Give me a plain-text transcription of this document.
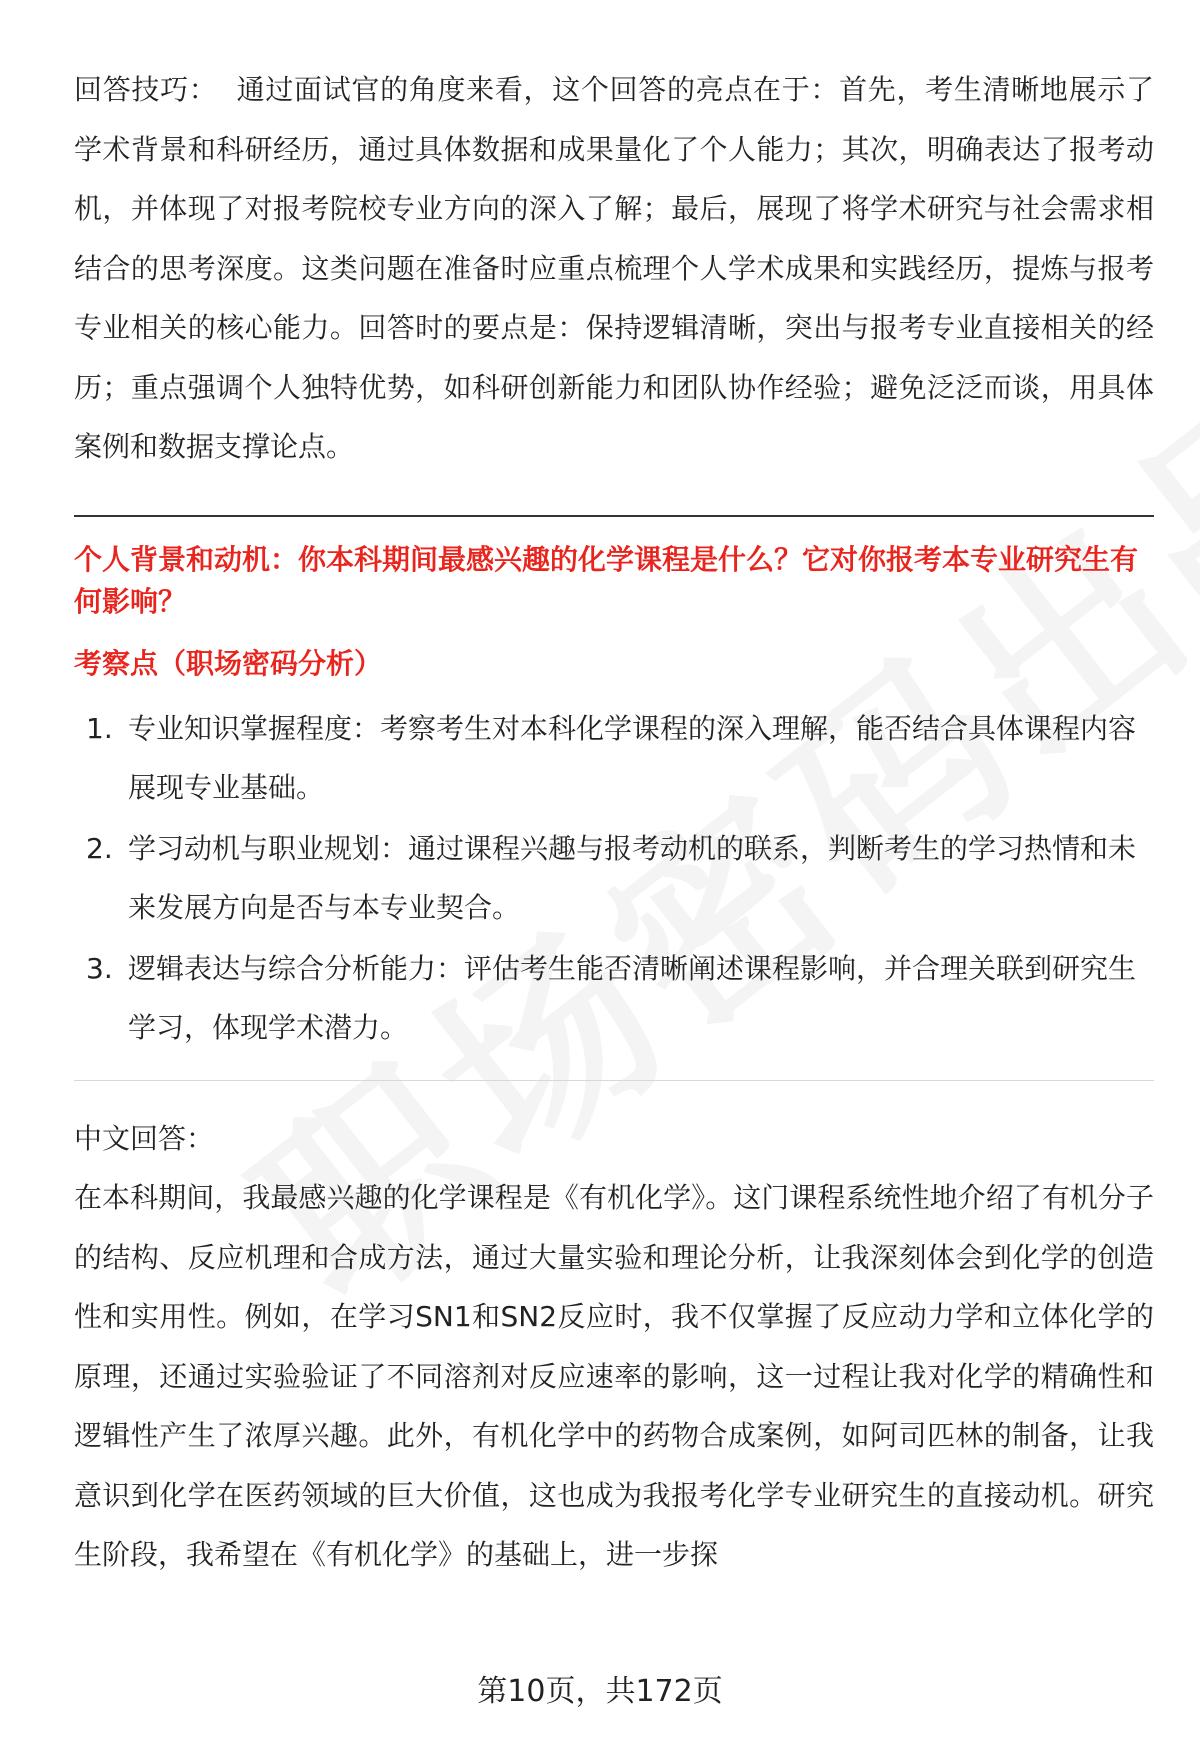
回答技巧： 通过面试官的角度来看，这个回答的亮点在于：首先，考生清晰地展示了学术背景和科研经历，通过具体数据和成果量化了个人能力；其次，明确表达了报考动机，并体现了对报考院校专业方向的深入了解；最后，展现了将学术研究与社会需求相结合的思考深度。这类问题在准备时应重点梳理个人学术成果和实践经历，提炼与报考专业相关的核心能力。回答时的要点是：保持逻辑清晰，突出与报考专业直接相关的经历；重点强调个人独特优势，如科研创新能力和团队协作经验；避免泛泛而谈，用具体案例和数据支撑论点。

个人背景和动机：你本科期间最感兴趣的化学课程是什么？它对你报考本专业研究生有何影响？

考察点（职场密码分析）

1. 专业知识掌握程度：考察考生对本科化学课程的深入理解，能否结合具体课程内容展现专业基础。
2. 学习动机与职业规划：通过课程兴趣与报考动机的联系，判断考生的学习热情和未来发展方向是否与本专业契合。
3. 逻辑表达与综合分析能力：评估考生能否清晰阐述课程影响，并合理关联到研究生学习，体现学术潜力。

中文回答：

在本科期间，我最感兴趣的化学课程是《有机化学》。这门课程系统性地介绍了有机分子的结构、反应机理和合成方法，通过大量实验和理论分析，让我深刻体会到化学的创造性和实用性。例如，在学习SN1和SN2反应时，我不仅掌握了反应动力学和立体化学的原理，还通过实验验证了不同溶剂对反应速率的影响，这一过程让我对化学的精确性和逻辑性产生了浓厚兴趣。此外，有机化学中的药物合成案例，如阿司匹林的制备，让我意识到化学在医药领域的巨大价值，这也成为我报考化学专业研究生的直接动机。研究生阶段，我希望在《有机化学》的基础上，进一步探

第10页，共172页
